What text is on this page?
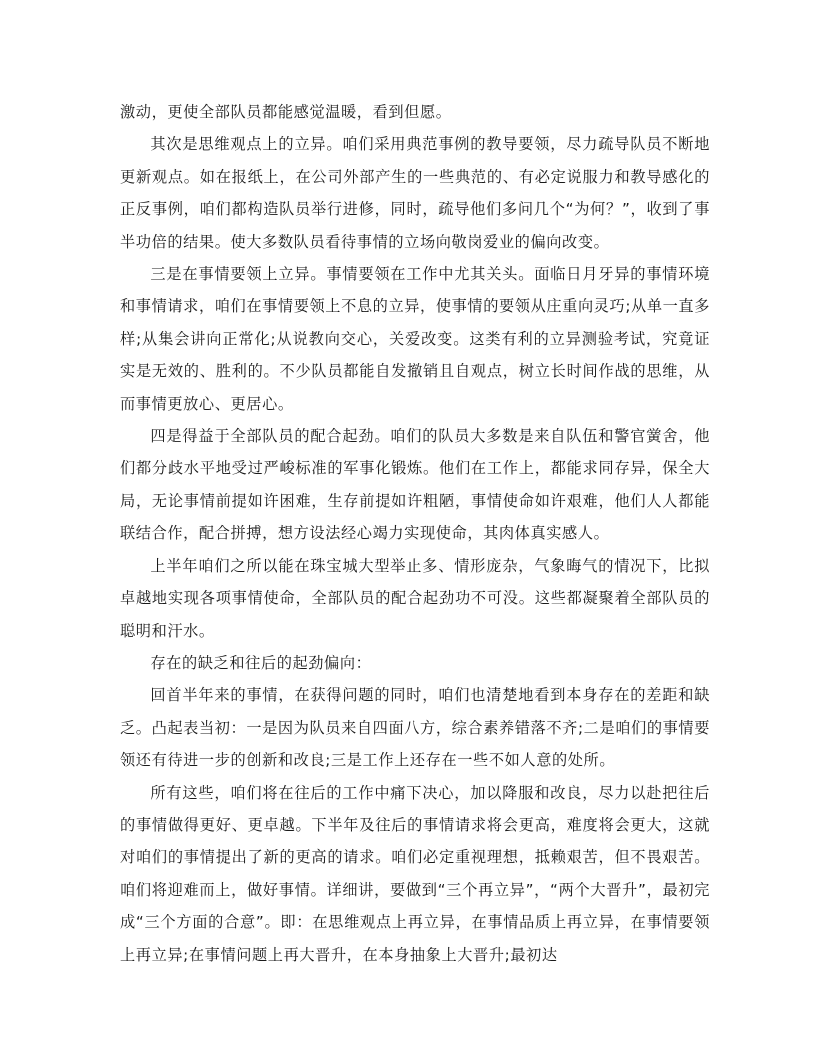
激动，更使全部队员都能感觉温暖，看到但愿。

其次是思维观点上的立异。咱们采用典范事例的教导要领，尽力疏导队员不断地更新观点。如在报纸上，在公司外部产生的一些典范的、有必定说服力和教导感化的正反事例，咱们都构造队员举行进修，同时，疏导他们多问几个“为何？”，收到了事半功倍的结果。使大多数队员看待事情的立场向敬岗爱业的偏向改变。

三是在事情要领上立异。事情要领在工作中尤其关头。面临日月牙异的事情环境和事情请求，咱们在事情要领上不息的立异，使事情的要领从庄重向灵巧;从单一直多样;从集会讲向正常化;从说教向交心，关爱改变。这类有利的立异测验考试，究竟证实是无效的、胜利的。不少队员都能自发撤销且自观点，树立长时间作战的思维，从而事情更放心、更居心。

四是得益于全部队员的配合起劲。咱们的队员大多数是来自队伍和警官黉舍，他们都分歧水平地受过严峻标准的军事化锻炼。他们在工作上，都能求同存异，保全大局，无论事情前提如许困难，生存前提如许粗陋，事情使命如许艰难，他们人人都能联结合作，配合拼搏，想方设法经心竭力实现使命，其肉体真实感人。

上半年咱们之所以能在珠宝城大型举止多、情形庞杂，气象晦气的情况下，比拟卓越地实现各项事情使命，全部队员的配合起劲功不可没。这些都凝聚着全部队员的聪明和汗水。

存在的缺乏和往后的起劲偏向：

回首半年来的事情，在获得问题的同时，咱们也清楚地看到本身存在的差距和缺乏。凸起表当初：一是因为队员来自四面八方，综合素养错落不齐;二是咱们的事情要领还有待进一步的创新和改良;三是工作上还存在一些不如人意的处所。

所有这些，咱们将在往后的工作中痛下决心，加以降服和改良，尽力以赴把往后的事情做得更好、更卓越。下半年及往后的事情请求将会更高，难度将会更大，这就对咱们的事情提出了新的更高的请求。咱们必定重视理想，抵赖艰苦，但不畏艰苦。咱们将迎难而上，做好事情。详细讲，要做到“三个再立异”，“两个大晋升”，最初完成“三个方面的合意”。即：在思维观点上再立异，在事情品质上再立异，在事情要领上再立异;在事情问题上再大晋升，在本身抽象上大晋升;最初达
